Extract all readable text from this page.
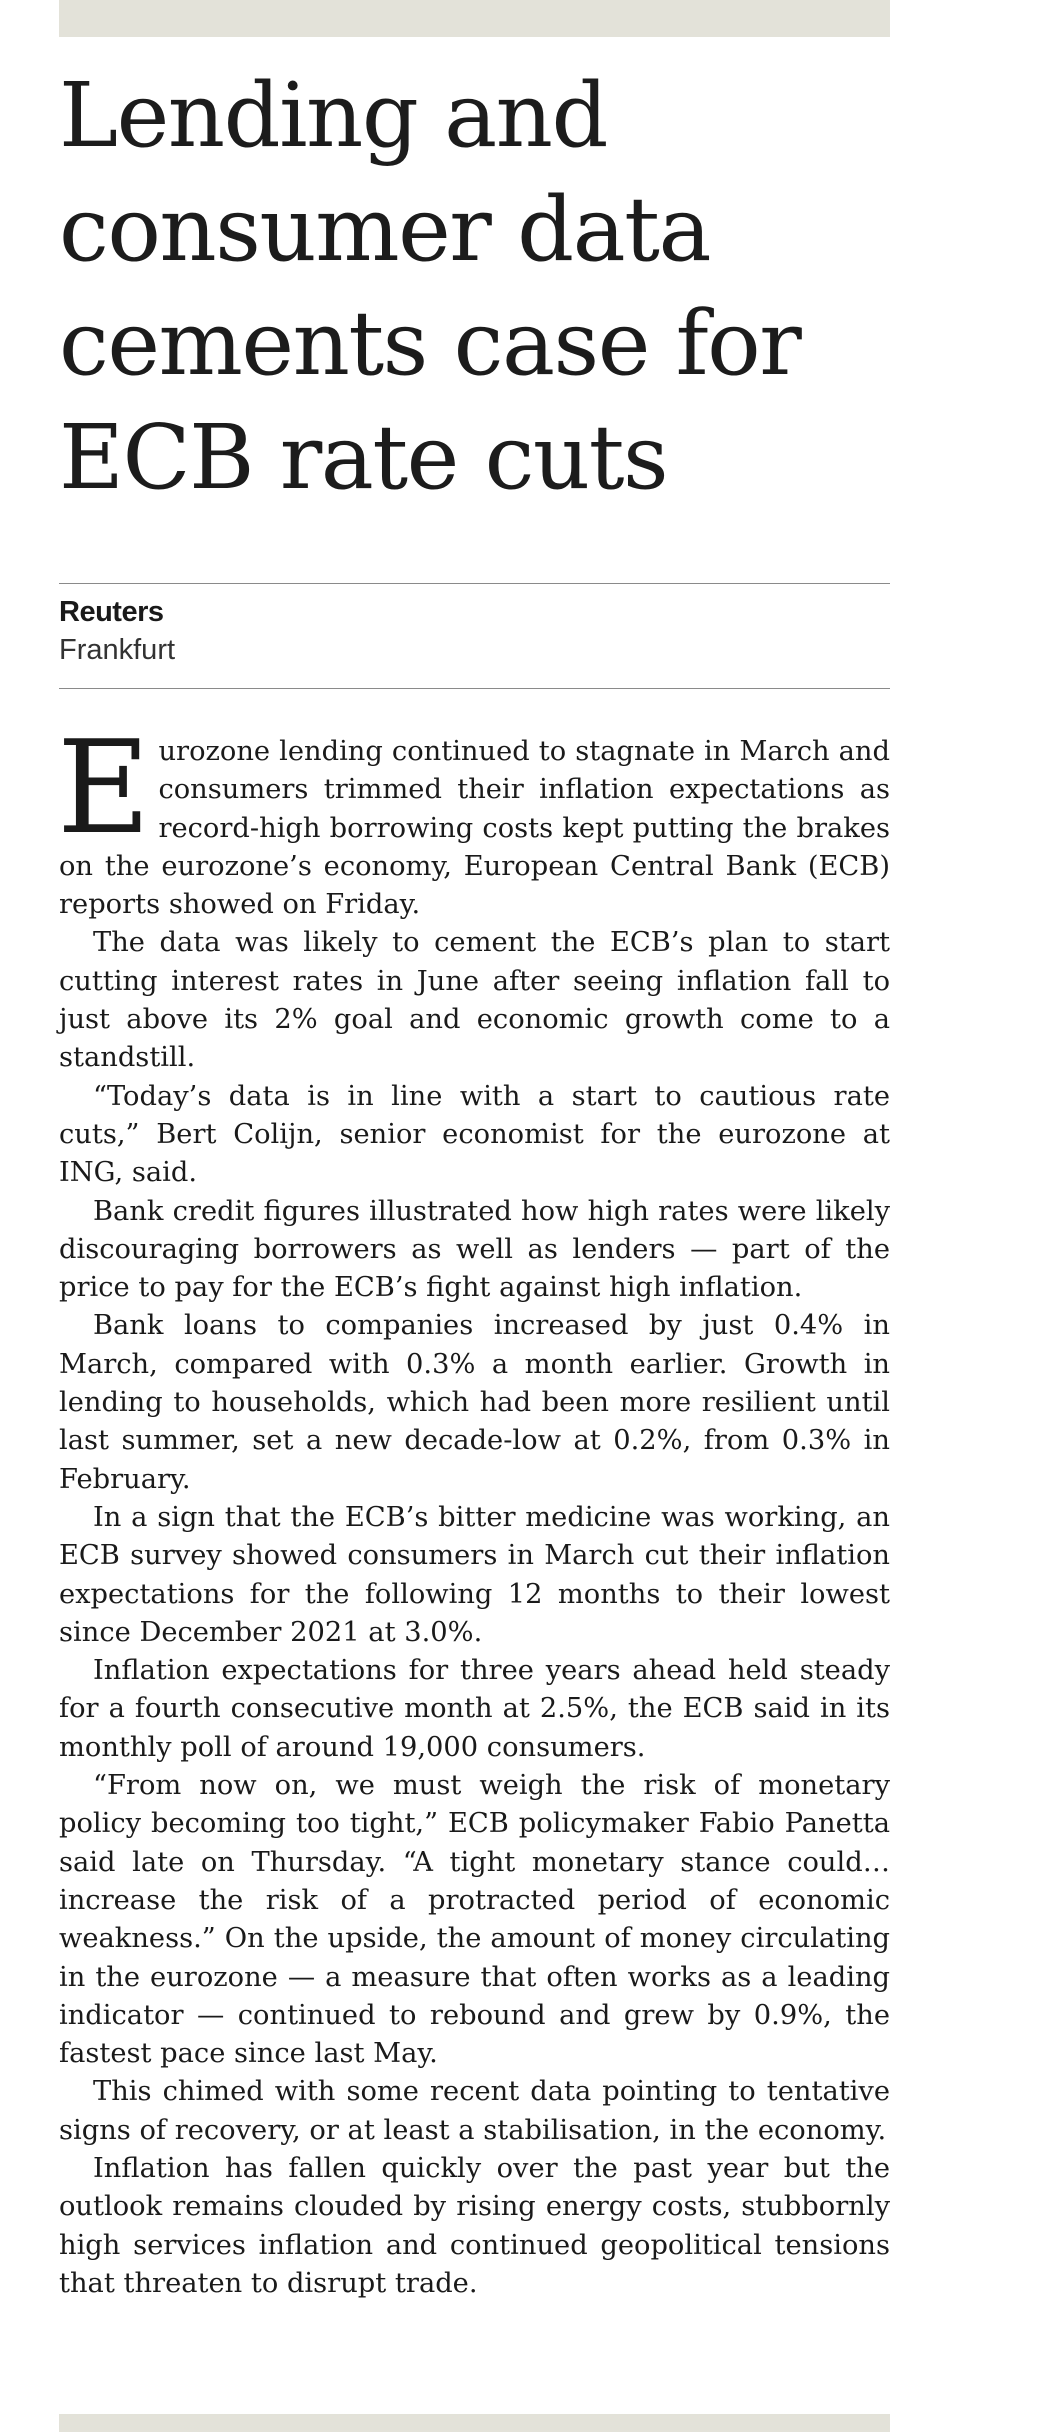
Lending and consumer data cements case for ECB rate cuts
Reuters
Frankfurt

Eurozone lending continued to stagnate in March and consumers trimmed their inflation expectations as record-high borrowing costs kept putting the brakes on the eurozone’s economy, European Central Bank (ECB) reports showed on Friday.

The data was likely to cement the ECB’s plan to start cutting interest rates in June after seeing inflation fall to just above its 2% goal and economic growth come to a standstill.

“Today’s data is in line with a start to cautious rate cuts,” Bert Colijn, senior economist for the eurozone at ING, said.

Bank credit figures illustrated how high rates were likely discouraging borrowers as well as lenders — part of the price to pay for the ECB’s fight against high inflation.

Bank loans to companies increased by just 0.4% in March, compared with 0.3% a month earlier. Growth in lending to households, which had been more resilient until last summer, set a new decade-low at 0.2%, from 0.3% in February.

In a sign that the ECB’s bitter medicine was working, an ECB survey showed consumers in March cut their inflation expectations for the following 12 months to their lowest since December 2021 at 3.0%.

Inflation expectations for three years ahead held steady for a fourth consecutive month at 2.5%, the ECB said in its monthly poll of around 19,000 consumers.

“From now on, we must weigh the risk of monetary policy becoming too tight,” ECB policymaker Fabio Panetta said late on Thursday. “A tight monetary stance could…increase the risk of a protracted period of economic weakness.” On the upside, the amount of money circulating in the eurozone — a measure that often works as a leading indicator — continued to rebound and grew by 0.9%, the fastest pace since last May.

This chimed with some recent data pointing to tentative signs of recovery, or at least a stabilisation, in the economy.

Inflation has fallen quickly over the past year but the outlook remains clouded by rising energy costs, stubbornly high services inflation and continued geopolitical tensions that threaten to disrupt trade.
